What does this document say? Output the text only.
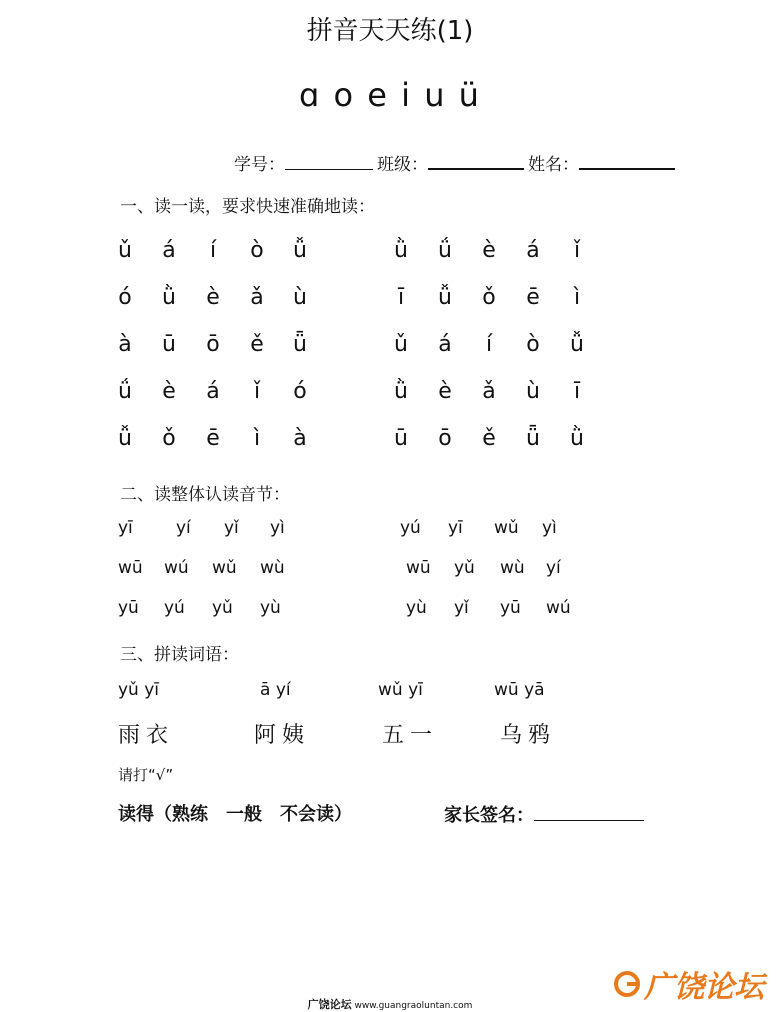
拼音天天练(1)
ɑ o e i u ü
学号：	班级：	姓名：
一、读一读，要求快速准确地读：
ǔ	á	í	ò	ǚ	ǜ	ǘ	è	á	ǐ
ó	ǜ	è	ǎ	ù	ī	ǚ	ǒ	ē	ì
à	ū	ō	ě	ǖ	ǔ	á	í	ò	ǚ
ǘ	è	á	ǐ	ó	ǜ	è	ǎ	ù	ī
ǚ	ǒ	ē	ì	à	ū	ō	ě	ǖ	ǜ
二、读整体认读音节：
yī	yí yǐ yì	yú yī wǔ yì
wū wú wǔ wù	wū yǔ wù yí
yū yú yǔ yù	yù yǐ yū wú
三、拼读词语：
yǔ yī	ā yí	wǔ yī	wū yā
雨衣	阿姨	五一	乌鸦
请打“√”
读得（熟练　一般　不会读）	家长签名：
广饶论坛
广饶论坛 www.guangraoluntan.com
